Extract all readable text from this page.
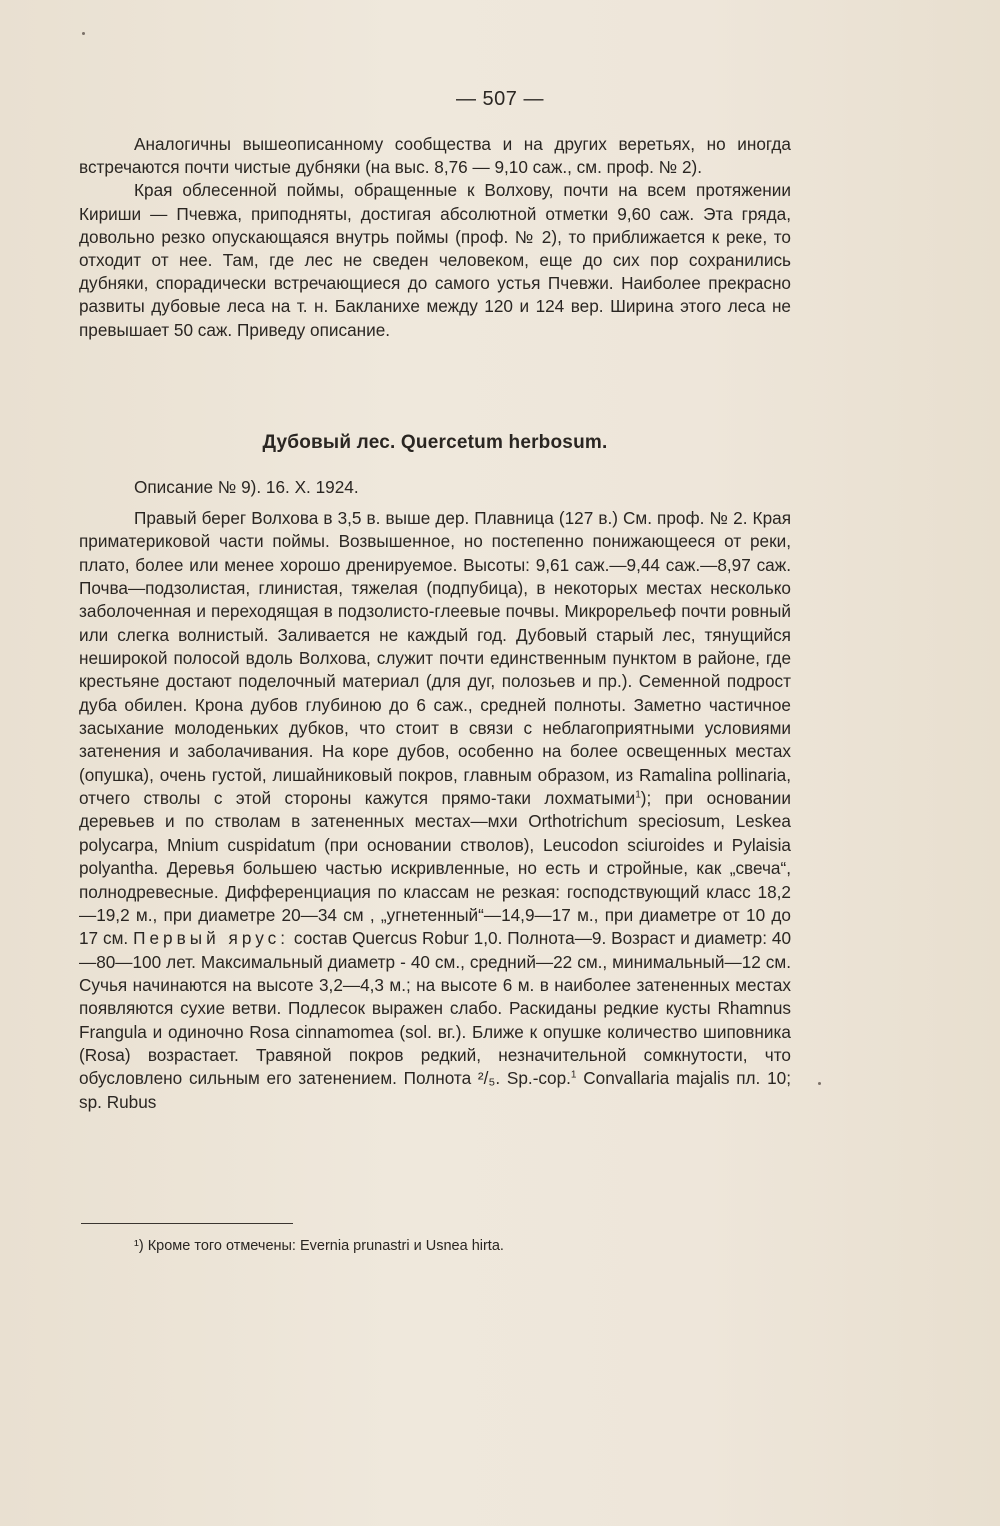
— 507 —

Аналогичны вышеописанному сообщества и на других веретьях, но иногда встречаются почти чистые дубняки (на выс. 8,76 — 9,10 саж., см. проф. № 2).

Края облесенной поймы, обращенные к Волхову, почти на всем протяжении Кириши — Пчевжа, приподняты, достигая абсолютной отметки 9,60 саж. Эта гряда, довольно резко опускающаяся внутрь поймы (проф. № 2), то приближается к реке, то отходит от нее. Там, где лес не сведен человеком, еще до сих пор сохранились дубняки, спорадически встречающиеся до самого устья Пчевжи. Наиболее прекрасно развиты дубовые леса на т. н. Бакланихе между 120 и 124 вер. Ширина этого леса не превышает 50 саж. Приведу описание.

Дубовый лес. Quercetum herbosum.
Описание № 9). 16. X. 1924.

Правый берег Волхова в 3,5 в. выше дер. Плавница (127 в.) См. проф. № 2. Края приматериковой части поймы. Возвышенное, но постепенно понижающееся от реки, плато, более или менее хорошо дренируемое. Высоты: 9,61 саж.—9,44 саж.—8,97 саж. Почва—подзолистая, глинистая, тяжелая (подпубица), в некоторых местах несколько заболоченная и переходящая в подзолисто-глеевые почвы. Микрорельеф почти ровный или слегка волнистый. Заливается не каждый год. Дубовый старый лес, тянущийся неширокой полосой вдоль Волхова, служит почти единственным пунктом в районе, где крестьяне достают поделочный материал (для дуг, полозьев и пр.). Семенной подрост дуба обилен. Крона дубов глубиною до 6 саж., средней полноты. Заметно частичное засыхание молоденьких дубков, что стоит в связи с неблагоприятными условиями затенения и заболачивания. На коре дубов, особенно на более освещенных местах (опушка), очень густой, лишайниковый покров, главным образом, из Ramalina pollinaria, отчего стволы с этой стороны кажутся прямо-таки лохматыми$^1$); при основании деревьев и по стволам в затененных местах—мхи Orthotrichum speciosum, Leskea polycarpa, Mnium cuspidatum (при основании стволов), Leucodon sciuroides и Pylaisia polyantha. Деревья большею частью искривленные, но есть и стройные, как „свеча“, полнодревесные. Дифференциация по классам не резкая: господствующий класс 18,2—19,2 м., при диаметре 20—34 см , „угнетенный“—14,9—17 м., при диаметре от 10 до 17 см. Первый ярус: состав Quercus Robur 1,0. Полнота—9. Возраст и диаметр: 40—80—100 лет. Максимальный диаметр - 40 см., средний—22 см., минимальный—12 см. Сучья начинаются на высоте 3,2—4,3 м.; на высоте 6 м. в наиболее затененных местах появляются сухие ветви. Подлесок выражен слабо. Раскиданы редкие кусты Rhamnus Frangula и одиночно Rosa cinnamomea (sol. вг.). Ближе к опушке количество шиповника (Rosa) возрастает. Травяной покров редкий, незначительной сомкнутости, что обусловлено сильным его затенением. Полнота ²/₅. Sp.-cop.$^1$ Convallaria majalis пл. 10; sp. Rubus

¹) Кроме того отмечены: Evernia prunastri и Usnea hirta.
